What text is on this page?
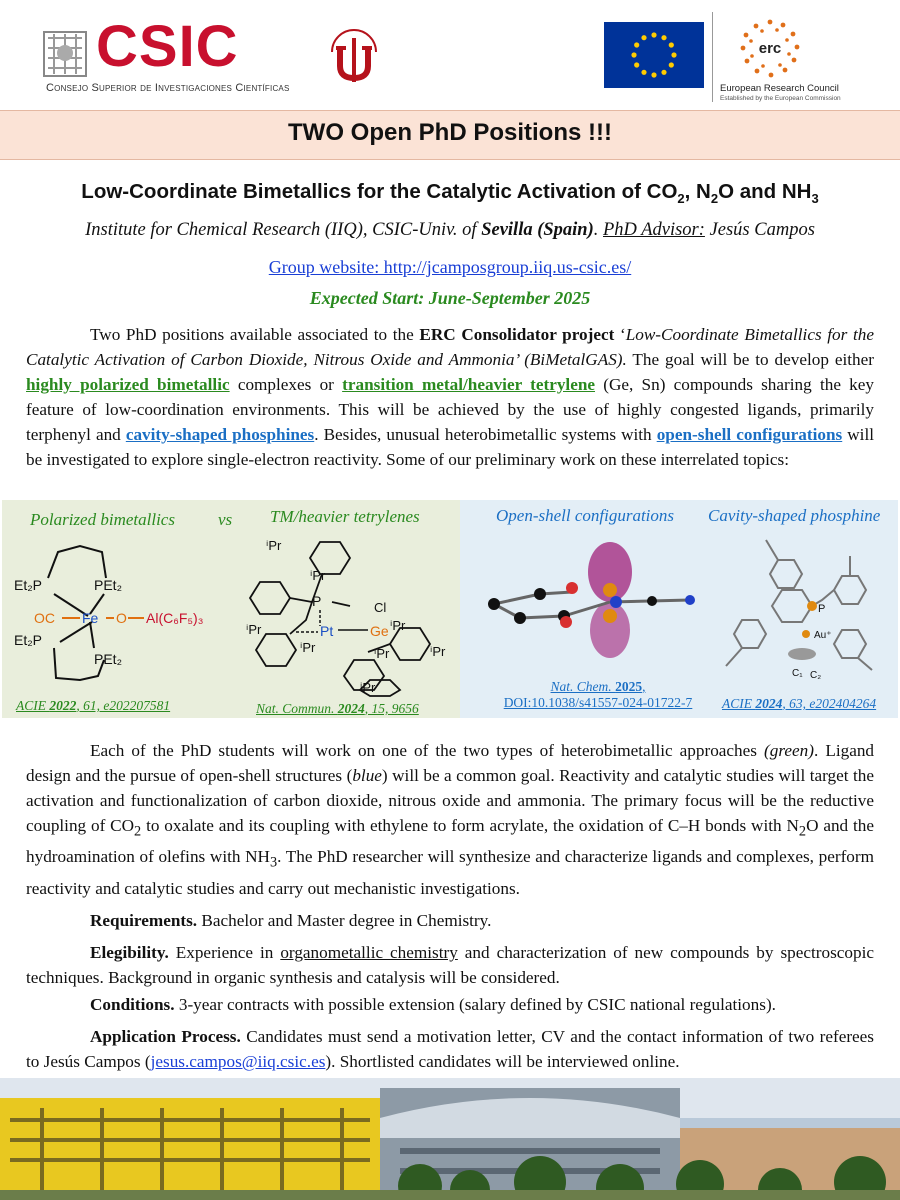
CSIC
Consejo Superior de Investigaciones Científicas
erc
European Research Council
Established by the European Commission
TWO Open PhD Positions !!!
Low-Coordinate Bimetallics for the Catalytic Activation of $CO_2$, $N_2O$ and $NH_3$
Institute for Chemical Research (IIQ), CSIC-Univ. of Sevilla (Spain). PhD Advisor: Jesús Campos
Group website: http://jcamposgroup.iiq.us-csic.es/
Expected Start: June-September 2025

Two PhD positions available associated to the ERC Consolidator project ‘Low-Coordinate Bimetallics for the Catalytic Activation of Carbon Dioxide, Nitrous Oxide and Ammonia’ (BiMetalGAS). The goal will be to develop either highly polarized bimetallic complexes or transition metal/heavier tetrylene (Ge, Sn) compounds sharing the key feature of low-coordination environments. This will be achieved by the use of highly congested ligands, primarily terphenyl and cavity-shaped phosphines. Besides, unusual heterobimetallic systems with open-shell configurations will be investigated to explore single-electron reactivity. Some of our preliminary work on these interrelated topics:

Polarized bimetallics	vs TM/heavier tetrylenes	Open-shell configurations Cavity-shaped phosphine
Et₂P	PEt₂
OC Fe O Al(C₆F₅)₃
Et₂P
PEt₂
ⁱPr
ⁱPr
P
Pt	Ge
Cl
ⁱPr
ⁱPr
ⁱPr	ⁱPr	ⁱPr
ⁱPr
P
Au⁺
C₁ C₂
ACIE 2022, 61, e202207581	Nat. Commun. 2024, 15, 9656
Nat. Chem. 2025,
DOI:10.1038/s41557-024-01722-7	ACIE 2024, 63, e202404264

Each of the PhD students will work on one of the two types of heterobimetallic approaches (green). Ligand design and the pursue of open-shell structures (blue) will be a common goal. Reactivity and catalytic studies will target the activation and functionalization of carbon dioxide, nitrous oxide and ammonia. The primary focus will be the reductive coupling of $CO_2$ to oxalate and its coupling with ethylene to form acrylate, the oxidation of C–H bonds with $N_2O$ and the hydroamination of olefins with $NH_3$. The PhD researcher will synthesize and characterize ligands and complexes, perform reactivity and catalytic studies and carry out mechanistic investigations.

Requirements. Bachelor and Master degree in Chemistry.

Elegibility. Experience in organometallic chemistry and characterization of new compounds by spectroscopic techniques. Background in organic synthesis and catalysis will be considered.

Conditions. 3-year contracts with possible extension (salary defined by CSIC national regulations).

Application Process. Candidates must send a motivation letter, CV and the contact information of two referees to Jesús Campos (jesus.campos@iiq.csic.es). Shortlisted candidates will be interviewed online.
